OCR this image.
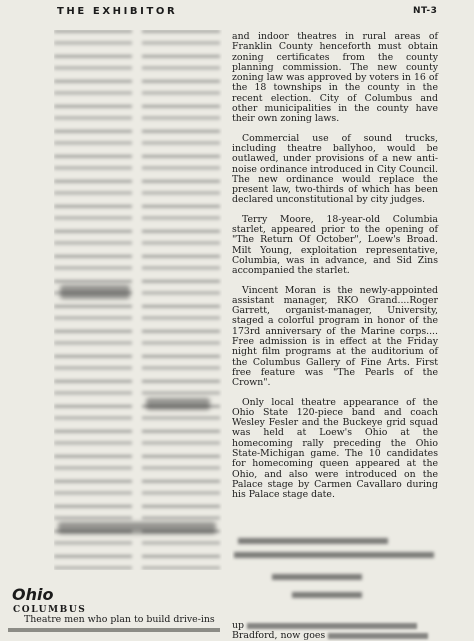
THE EXHIBITOR	NT-3

and indoor theatres in rural areas of Franklin County henceforth must obtain zoning certificates from the county planning commission. The new county zoning law was approved by voters in 16 of the 18 townships in the county in the recent election. City of Columbus and other municipalities in the county have their own zoning laws.

Commercial use of sound trucks, including theatre ballyhoo, would be outlawed, under provisions of a new anti-noise ordinance introduced in City Council. The new ordinance would replace the present law, two-thirds of which has been declared unconstitutional by city judges.

Terry Moore, 18-year-old Columbia starlet, appeared prior to the opening of "The Return Of October", Loew's Broad. Milt Young, exploitation representative, Columbia, was in advance, and Sid Zins accompanied the starlet.

Vincent Moran is the newly-appointed assistant manager, RKO Grand....Roger Garrett, organist-manager, University, staged a colorful program in honor of the 173rd anniversary of the Marine corps.... Free admission is in effect at the Friday night film programs at the auditorium of the Columbus Gallery of Fine Arts. First free feature was "The Pearls of the Crown".

Only local theatre appearance of the Ohio State 120-piece band and coach Wesley Fesler and the Buckeye grid squad was held at Loew's Ohio at the homecoming rally preceding the Ohio State-Michigan game. The 10 candidates for homecoming queen appeared at the Ohio, and also were introduced on the Palace stage by Carmen Cavallaro during his Palace stage date.

Ohio
COLUMBUS
Theatre men who plan to build drive-ins
up
Bradford, now goes
